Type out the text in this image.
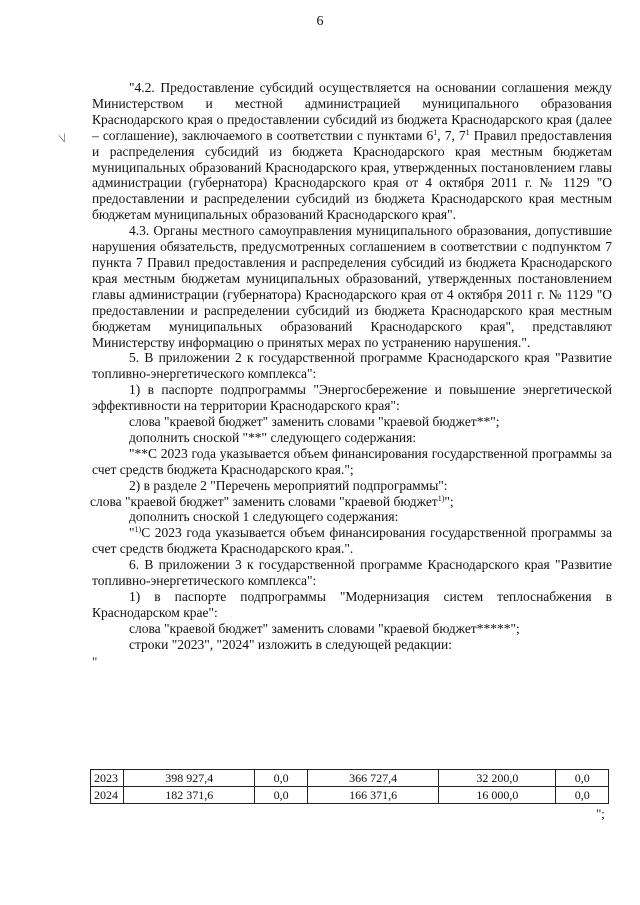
6
\/

"4.2. Предоставление субсидий осуществляется на основании соглашения между Министерством и местной администрацией муниципального образования Краснодарского края о предоставлении субсидий из бюджета Краснодарского края (далее – соглашение), заключаемого в соответствии с пунктами $6^1$, 7, $7^1$ Правил предоставления и распределения субсидий из бюджета Краснодарского края местным бюджетам муниципальных образований Краснодарского края, утвержденных постановлением главы администрации (губернатора) Краснодарского края от 4 октября 2011 г. № 1129 "О предоставлении и распределении субсидий из бюджета Краснодарского края местным бюджетам муниципальных образований Краснодарского края".

4.3. Органы местного самоуправления муниципального образования, допустившие нарушения обязательств, предусмотренных соглашением в соответствии с подпунктом 7 пункта 7 Правил предоставления и распределения субсидий из бюджета Краснодарского края местным бюджетам муниципальных образований, утвержденных постановлением главы администрации (губернатора) Краснодарского края от 4 октября 2011 г. № 1129 "О предоставлении и распределении субсидий из бюджета Краснодарского края местным бюджетам муниципальных образований Краснодарского края", представляют Министерству информацию о принятых мерах по устранению нарушения.".

5. В приложении 2 к государственной программе Краснодарского края "Развитие топливно-энергетического комплекса":

1) в паспорте подпрограммы "Энергосбережение и повышение энергетической эффективности на территории Краснодарского края":

слова "краевой бюджет" заменить словами "краевой бюджет**";

дополнить сноской "**" следующего содержания:

"**С 2023 года указывается объем финансирования государственной программы за счет средств бюджета Краснодарского края.";

2) в разделе 2 "Перечень мероприятий подпрограммы":

слова "краевой бюджет" заменить словами "краевой бюджет$^{1)}$";

дополнить сноской 1 следующего содержания:

"$^{1)}$С 2023 года указывается объем финансирования государственной программы за счет средств бюджета Краснодарского края.".

6. В приложении 3 к государственной программе Краснодарского края "Развитие топливно-энергетического комплекса":

1) в паспорте подпрограммы "Модернизация систем теплоснабжения в Краснодарском крае":

слова "краевой бюджет" заменить словами "краевой бюджет*****";

строки "2023", "2024" изложить в следующей редакции:

"
2023	398 927,4	0,0	366 727,4	32 200,0	0,0
2024	182 371,6	0,0	166 371,6	16 000,0	0,0
";
